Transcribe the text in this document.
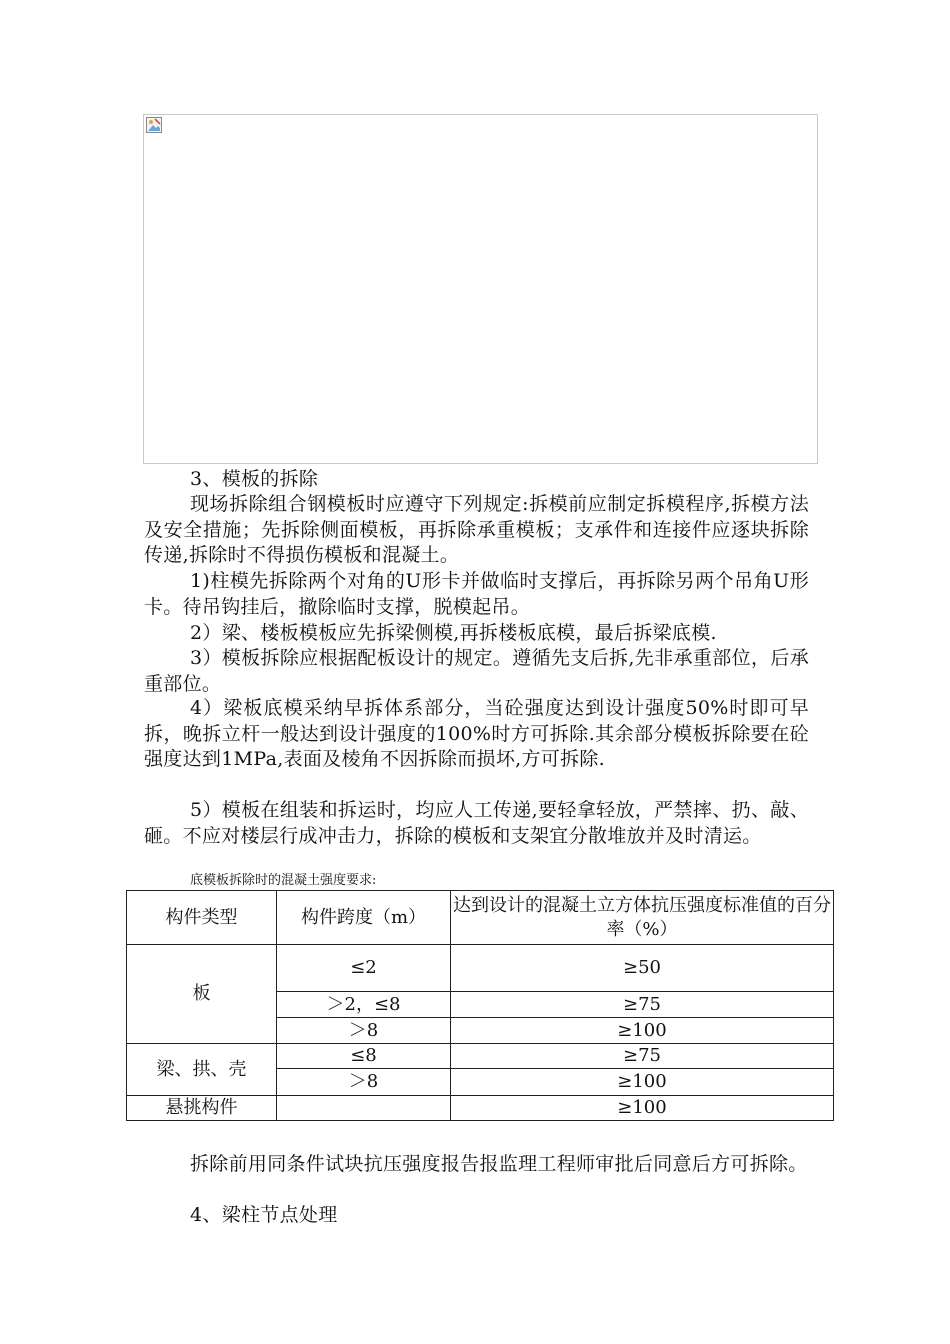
3、模板的拆除

现场拆除组合钢模板时应遵守下列规定:拆模前应制定拆模程序,拆模方法及安全措施；先拆除侧面模板，再拆除承重模板；支承件和连接件应逐块拆除传递,拆除时不得损伤模板和混凝土。

1)柱模先拆除两个对角的U形卡并做临时支撑后，再拆除另两个吊角U形卡。待吊钩挂后，撤除临时支撑，脱模起吊。

2）梁、楼板模板应先拆梁侧模,再拆楼板底模，最后拆梁底模.

3）模板拆除应根据配板设计的规定。遵循先支后拆,先非承重部位，后承重部位。

4）梁板底模采纳早拆体系部分，当砼强度达到设计强度50%时即可早拆，晚拆立杆一般达到设计强度的100%时方可拆除.其余部分模板拆除要在砼强度达到1MPa,表面及棱角不因拆除而损坏,方可拆除.

5）模板在组装和拆运时，均应人工传递,要轻拿轻放，严禁摔、扔、敲、砸。不应对楼层行成冲击力，拆除的模板和支架宜分散堆放并及时清运。

底模板拆除时的混凝土强度要求:
构件类型	构件跨度（m）	达到设计的混凝土立方体抗压强度标准值的百分率（%）
板	≤2	≥50
	＞2，≤8	≥75
	＞8	≥100
梁、拱、壳	≤8	≥75
	＞8	≥100
悬挑构件		≥100

拆除前用同条件试块抗压强度报告报监理工程师审批后同意后方可拆除。

4、梁柱节点处理
